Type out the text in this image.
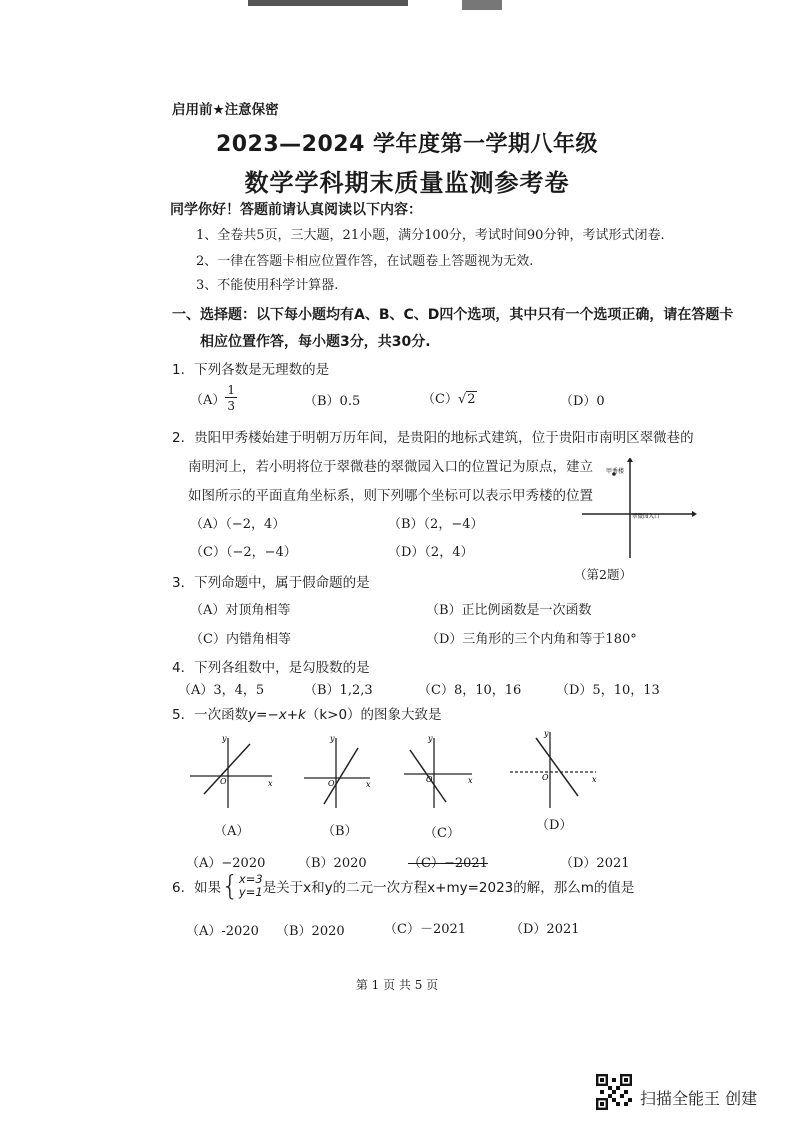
启用前★注意保密
2023—2024 学年度第一学期八年级
数学学科期末质量监测参考卷
同学你好！答题前请认真阅读以下内容：
1、全卷共5页，三大题，21小题，满分100分，考试时间90分钟，考试形式闭卷.
2、一律在答题卡相应位置作答，在试题卷上答题视为无效.
3、不能使用科学计算器.
一、选择题：以下每小题均有A、B、C、D四个选项，其中只有一个选项正确，请在答题卡
相应位置作答，每小题3分，共30分.
1．下列各数是无理数的是
$(A) \frac{1}{3}$	（B）0.5	（C）√2	（D）0
2．贵阳甲秀楼始建于明朝万历年间，是贵阳的地标式建筑，位于贵阳市南明区翠微巷的
南明河上，若小明将位于翠微巷的翠微园入口的位置记为原点，建立
如图所示的平面直角坐标系，则下列哪个坐标可以表示甲秀楼的位置
（A）（−2，4）	（B）（2，−4）
（C）（−2，−4）	（D）（2，4）
甲秀楼
翠微园入口
（第2题）
3．下列命题中，属于假命题的是
（A）对顶角相等	（B）正比例函数是一次函数
（C）内错角相等	（D）三角形的三个内角和等于180°
4．下列各组数中，是勾股数的是
（A）3，4，5	（B）1,2,3	（C）8，10，16	（D）5，10，13
5．一次函数y=−x+k（k>0）的图象大致是
y
x
O
y
x
O
y
x
O
y
x
O
（A）	（B）	（C）
（D）
（A）−2020	（B）2020	（C）−2021	（D）2021
6．如果 { x=3
y=1 是关于x和y的二元一次方程x+my=2023的解，那么m的值是
（A）-2020 （B）2020	（C）－2021	（D）2021
第 1 页 共 5 页
扫描全能王 创建
